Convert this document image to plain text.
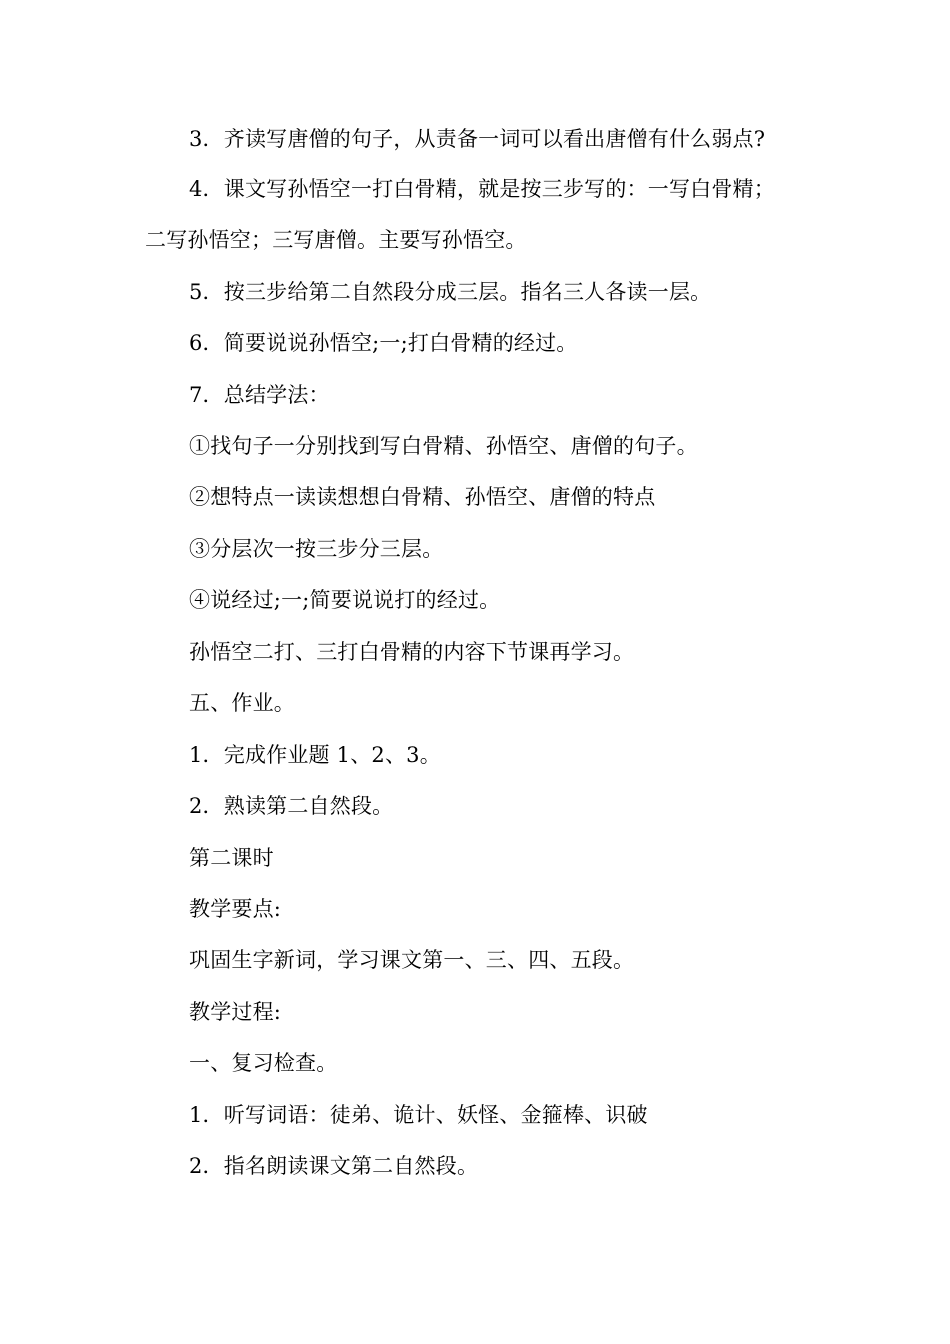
3．齐读写唐僧的句子，从责备一词可以看出唐僧有什么弱点?
4．课文写孙悟空一打白骨精，就是按三步写的：一写白骨精；
二写孙悟空；三写唐僧。主要写孙悟空。
5．按三步给第二自然段分成三层。指名三人各读一层。
6．简要说说孙悟空;一;打白骨精的经过。
7．总结学法：
①找句子一分别找到写白骨精、孙悟空、唐僧的句子。
②想特点一读读想想白骨精、孙悟空、唐僧的特点
③分层次一按三步分三层。
④说经过;一;简要说说打的经过。
孙悟空二打、三打白骨精的内容下节课再学习。
五、作业。
1．完成作业题 1、2、3。
2．熟读第二自然段。
第二课时
教学要点:
巩固生字新词，学习课文第一、三、四、五段。
教学过程:
一、复习检查。
1．听写词语：徒弟、诡计、妖怪、金箍棒、识破
2．指名朗读课文第二自然段。
